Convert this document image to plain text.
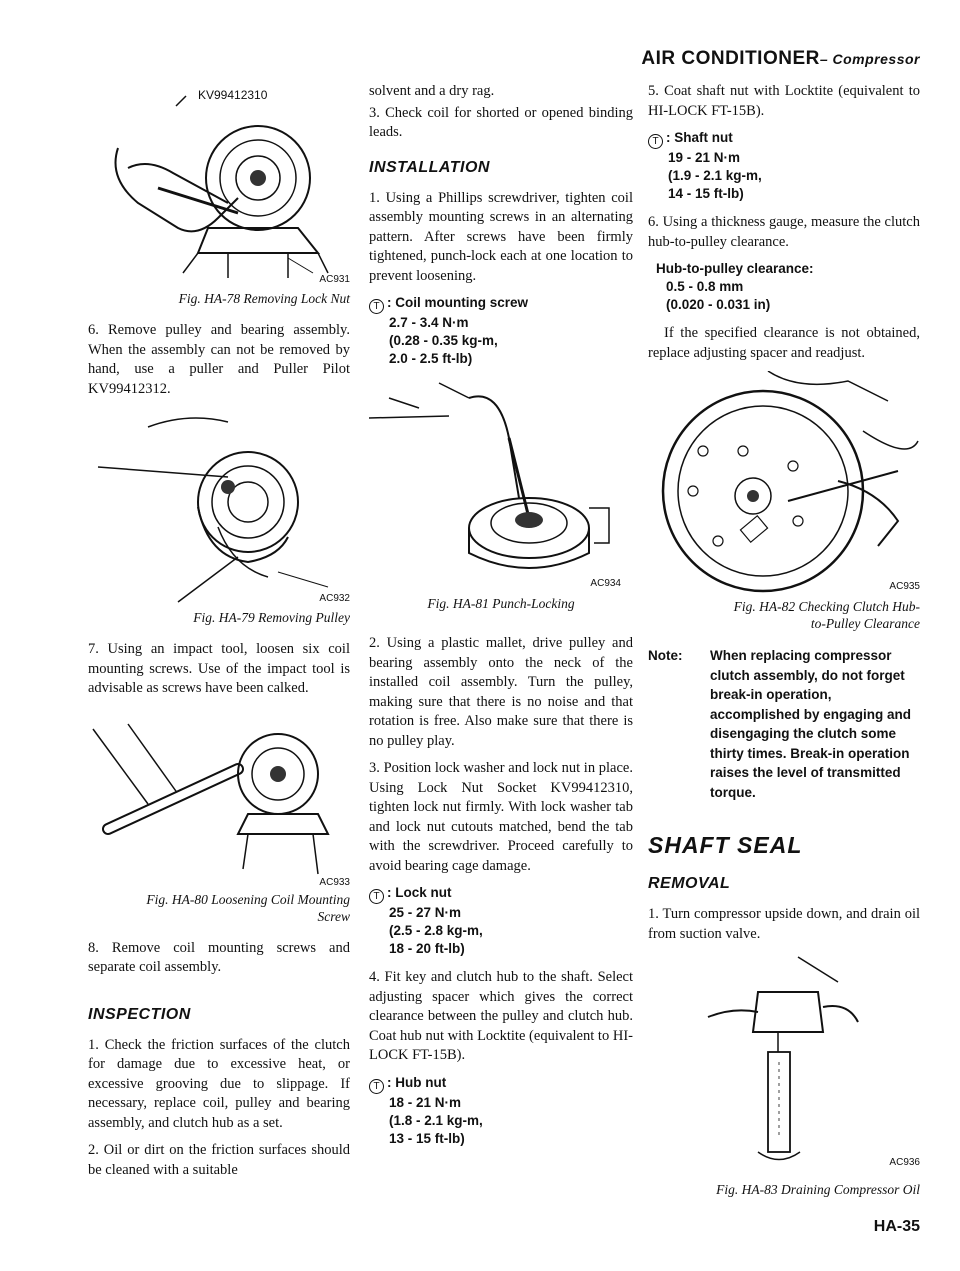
AIR CONDITIONER– Compressor
KV99412310
AC931
Fig. HA-78 Removing Lock Nut

6. Remove pulley and bearing assembly. When the assembly can not be removed by hand, use a puller and Puller Pilot KV99412312.

AC932
Fig. HA-79 Removing Pulley

7. Using an impact tool, loosen six coil mounting screws. Use of the impact tool is advisable as screws have been calked.

AC933
Fig. HA-80 Loosening Coil Mounting
Screw

8. Remove coil mounting screws and separate coil assembly.

INSPECTION

1. Check the friction surfaces of the clutch for damage due to excessive heat, or excessive grooving due to slippage. If necessary, replace coil, pulley and bearing assembly, and clutch hub as a set.

2. Oil or dirt on the friction surfaces should be cleaned with a suitable

solvent and a dry rag.

3. Check coil for shorted or opened binding leads.

INSTALLATION

1. Using a Phillips screwdriver, tighten coil assembly mounting screws in an alternating pattern. After screws have been firmly tightened, punch-lock each at one location to prevent loosening.

T : Coil mounting screw
2.7 - 3.4 N·m
(0.28 - 0.35 kg-m,
2.0 - 2.5 ft-lb)
AC934
Fig. HA-81 Punch-Locking

2. Using a plastic mallet, drive pulley and bearing assembly onto the neck of the installed coil assembly. Turn the pulley, making sure that there is no noise and that rotation is free. Also make sure that there is no pulley play.

3. Position lock washer and lock nut in place. Using Lock Nut Socket KV99412310, tighten lock nut firmly. With lock washer tab and lock nut cutouts matched, bend the tab with the screwdriver. Proceed carefully to avoid bearing cage damage.

T : Lock nut
25 - 27 N·m
(2.5 - 2.8 kg-m,
18 - 20 ft-lb)

4. Fit key and clutch hub to the shaft. Select adjusting spacer which gives the correct clearance between the pulley and clutch hub. Coat hub nut with Locktite (equivalent to HI-LOCK FT-15B).

T : Hub nut
18 - 21 N·m
(1.8 - 2.1 kg-m,
13 - 15 ft-lb)

5. Coat shaft nut with Locktite (equivalent to HI-LOCK FT-15B).

T : Shaft nut
19 - 21 N·m
(1.9 - 2.1 kg-m,
14 - 15 ft-lb)

6. Using a thickness gauge, measure the clutch hub-to-pulley clearance.

Hub-to-pulley clearance:
0.5 - 0.8 mm
(0.020 - 0.031 in)

If the specified clearance is not obtained, replace adjusting spacer and readjust.

AC935
Fig. HA-82 Checking Clutch Hub-
to-Pulley Clearance
Note:	When replacing compressor clutch assembly, do not forget break-in operation, accomplished by engaging and disengaging the clutch some thirty times. Break-in operation raises the level of transmitted torque.
SHAFT SEAL
REMOVAL

1. Turn compressor upside down, and drain oil from suction valve.

AC936
Fig. HA-83 Draining Compressor Oil
HA-35
